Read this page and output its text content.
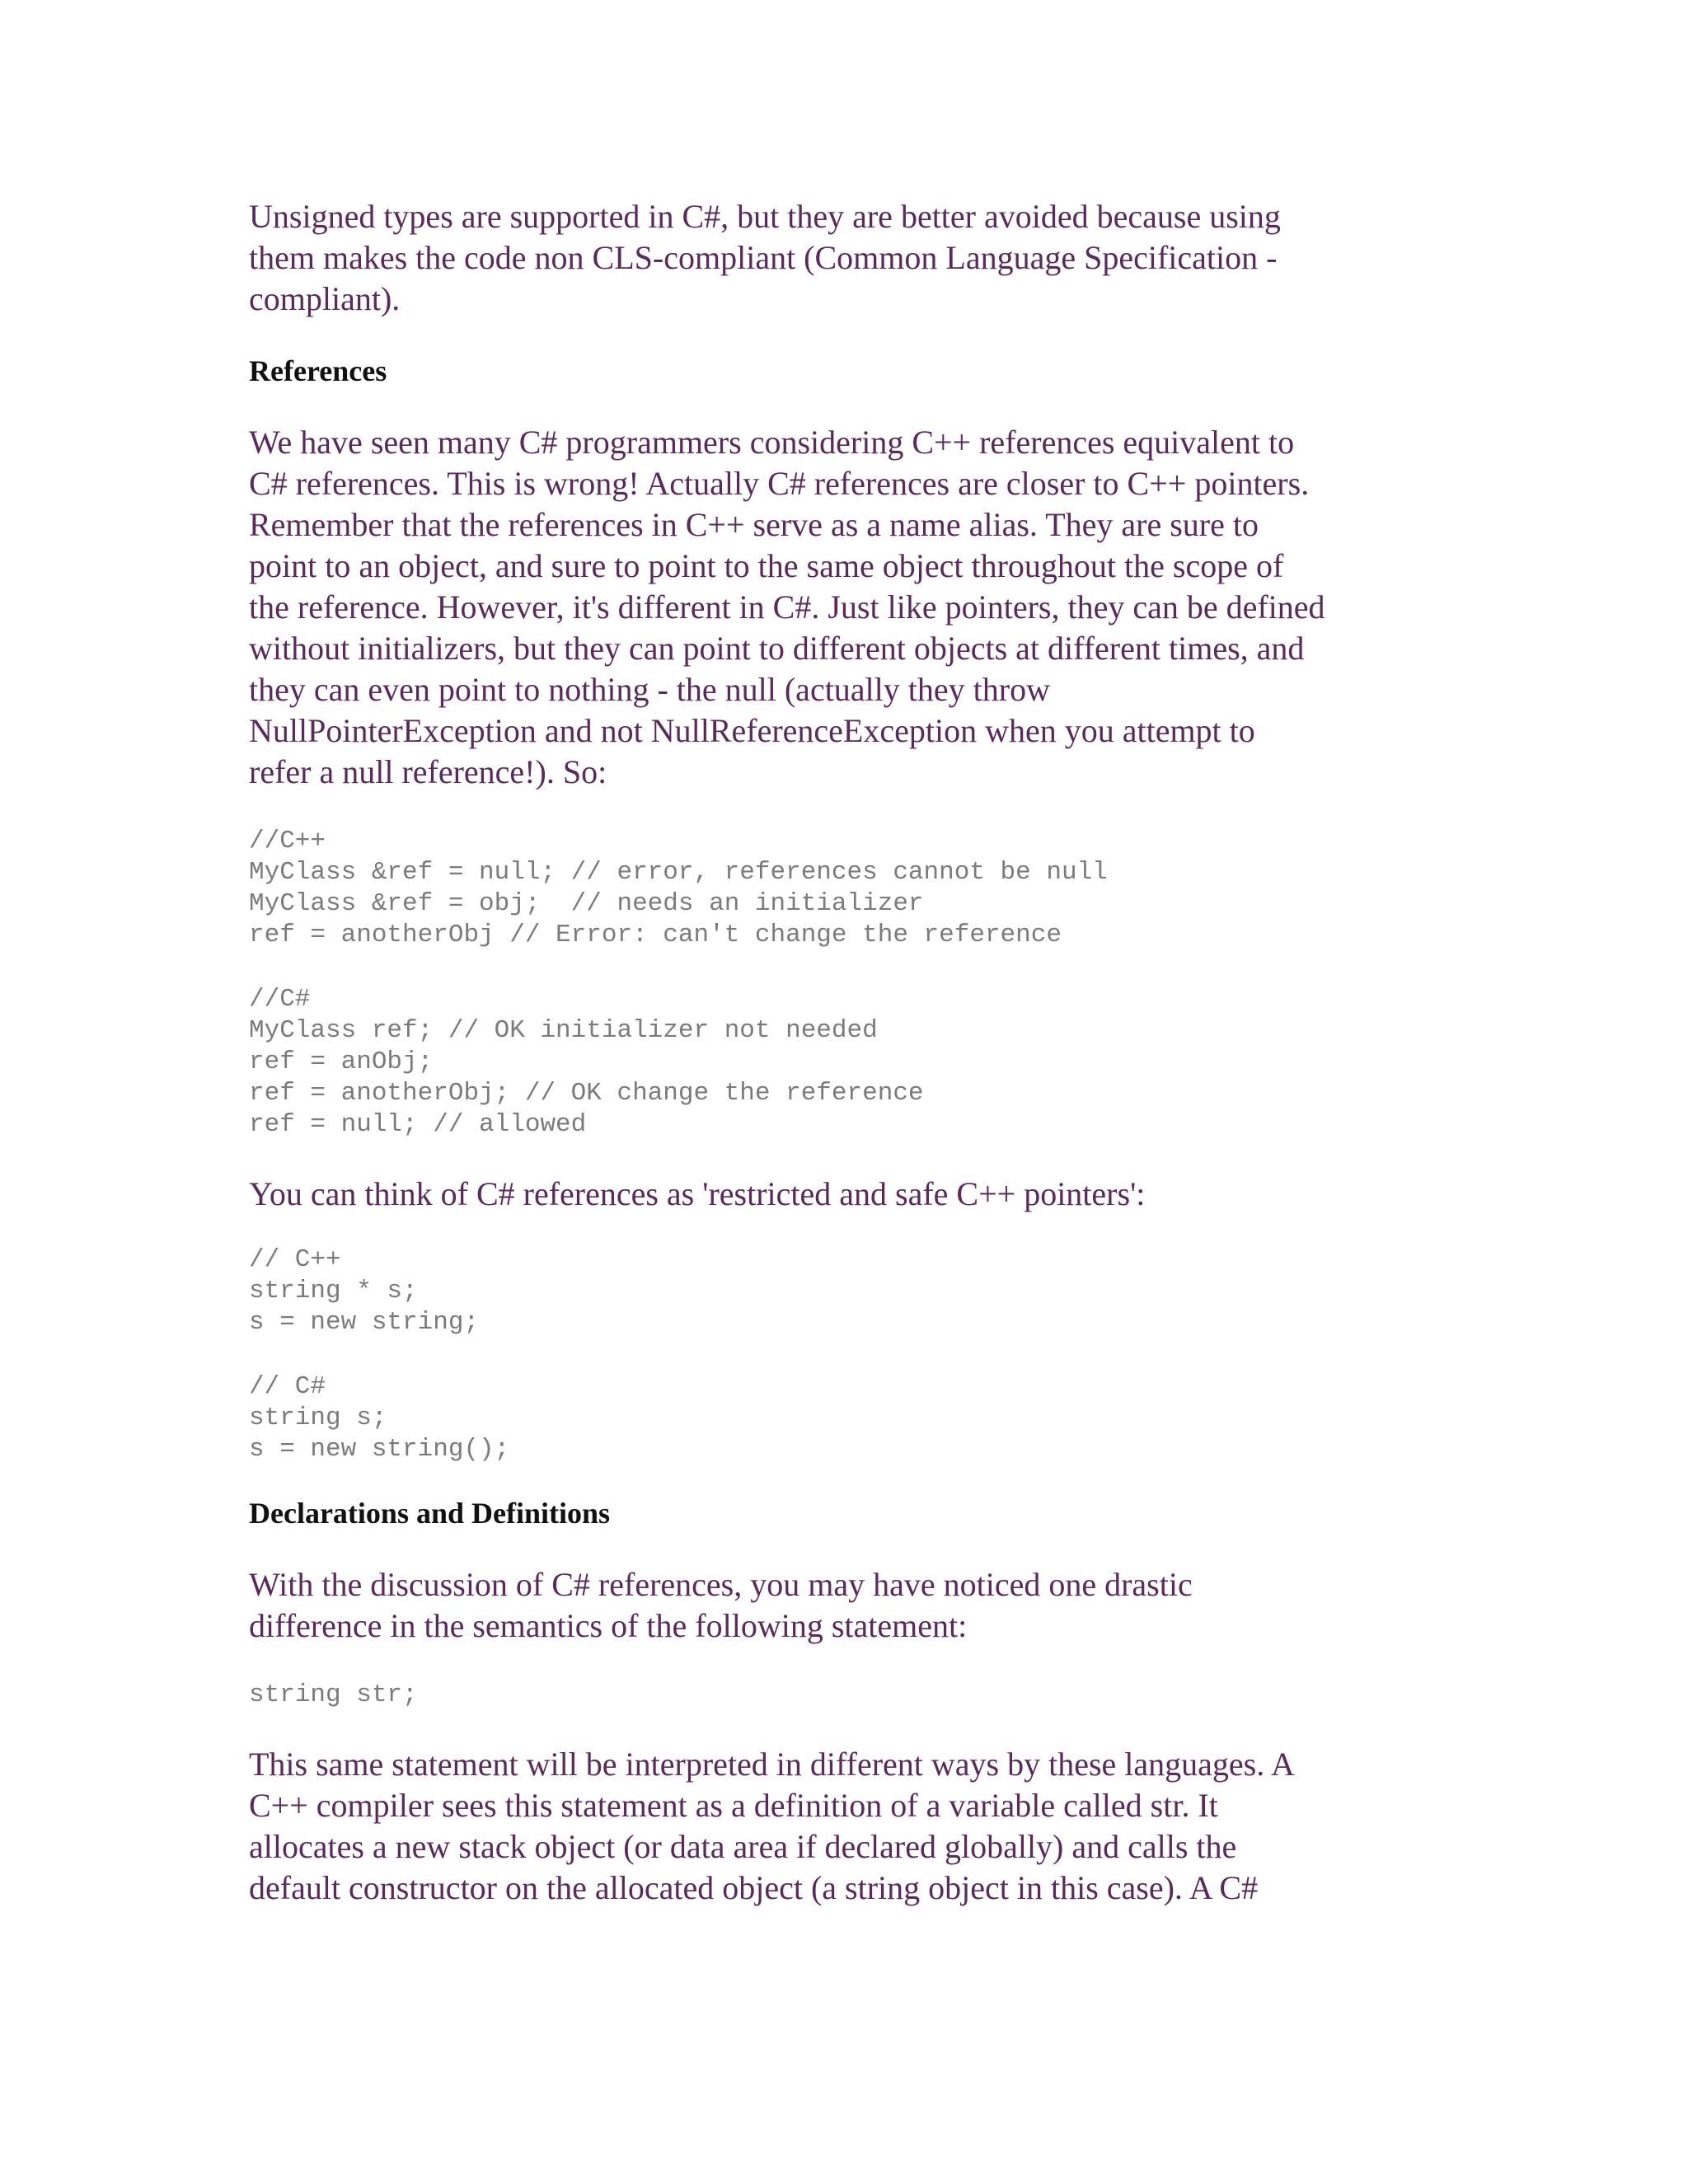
Unsigned types are supported in C#, but they are better avoided because using
them makes the code non CLS-compliant (Common Language Specification -
compliant).

References

We have seen many C# programmers considering C++ references equivalent to
C# references. This is wrong! Actually C# references are closer to C++ pointers.
Remember that the references in C++ serve as a name alias. They are sure to
point to an object, and sure to point to the same object throughout the scope of
the reference. However, it's different in C#. Just like pointers, they can be defined
without initializers, but they can point to different objects at different times, and
they can even point to nothing - the null (actually they throw
NullPointerException and not NullReferenceException when you attempt to
refer a null reference!). So:

//C++
MyClass &ref = null; // error, references cannot be null
MyClass &ref = obj;  // needs an initializer
ref = anotherObj // Error: can't change the reference
//C#
MyClass ref; // OK initializer not needed
ref = anObj;
ref = anotherObj; // OK change the reference
ref = null; // allowed

You can think of C# references as 'restricted and safe C++ pointers':

// C++
string * s;
s = new string;
// C#
string s;
s = new string();
Declarations and Definitions

With the discussion of C# references, you may have noticed one drastic
difference in the semantics of the following statement:

string str;

This same statement will be interpreted in different ways by these languages. A
C++ compiler sees this statement as a definition of a variable called str. It
allocates a new stack object (or data area if declared globally) and calls the
default constructor on the allocated object (a string object in this case). A C#
